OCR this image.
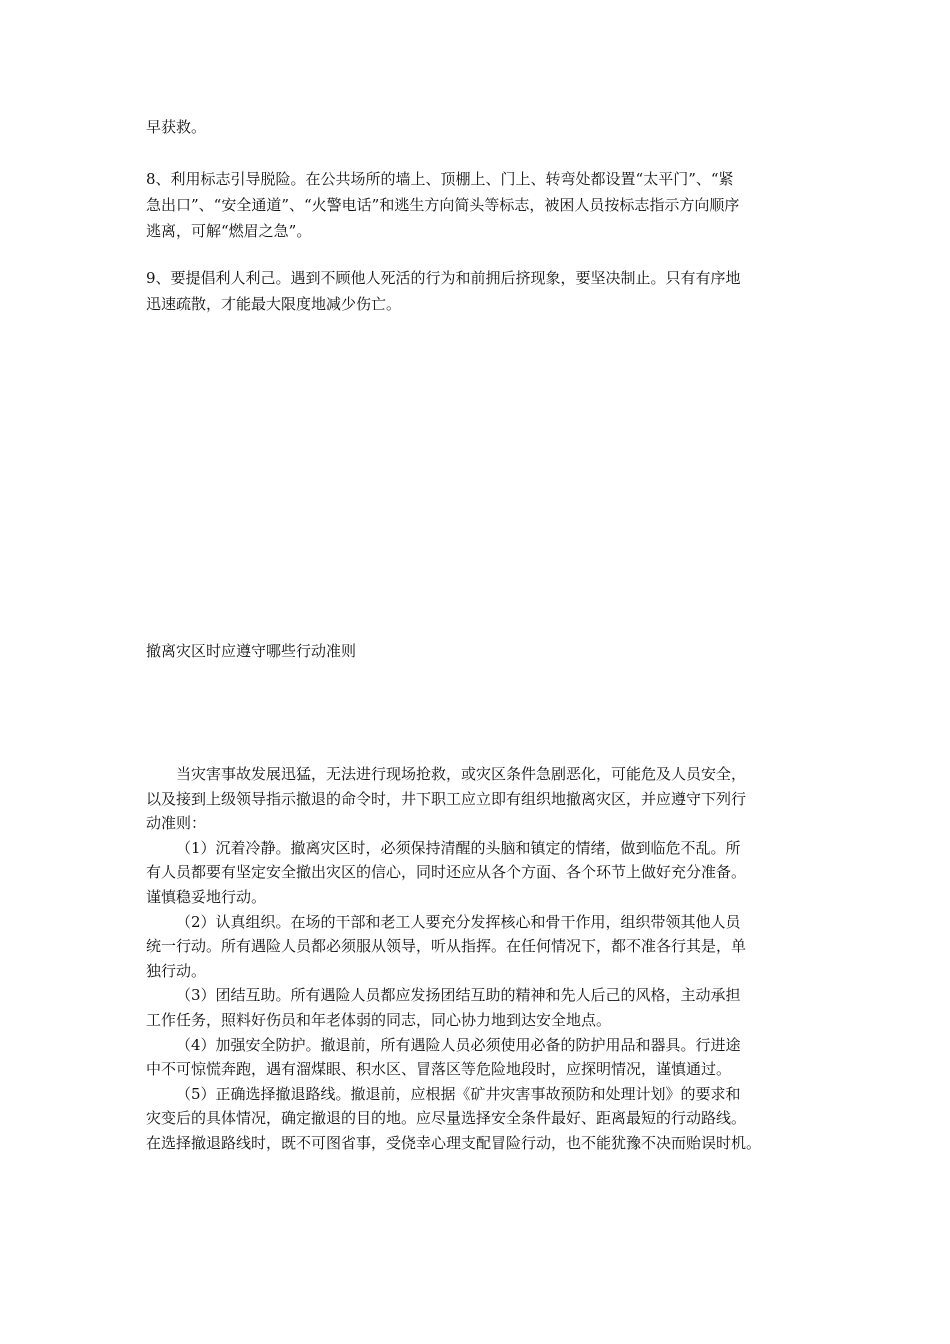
早获救。

8、利用标志引导脱险。在公共场所的墙上、顶棚上、门上、转弯处都设置“太平门”、“紧
急出口”、“安全通道”、“火警电话”和逃生方向简头等标志，被困人员按标志指示方向顺序
逃离，可解“燃眉之急”。

9、要提倡利人利己。遇到不顾他人死活的行为和前拥后挤现象，要坚决制止。只有有序地
迅速疏散，才能最大限度地减少伤亡。

撤离灾区时应遵守哪些行动准则
当灾害事故发展迅猛，无法进行现场抢救，或灾区条件急剧恶化，可能危及人员安全，
以及接到上级领导指示撤退的命令时，井下职工应立即有组织地撤离灾区，并应遵守下列行
动准则：
（1）沉着冷静。撤离灾区时，必须保持清醒的头脑和镇定的情绪，做到临危不乱。所
有人员都要有坚定安全撤出灾区的信心，同时还应从各个方面、各个环节上做好充分准备。
谨慎稳妥地行动。
（2）认真组织。在场的干部和老工人要充分发挥核心和骨干作用，组织带领其他人员
统一行动。所有遇险人员都必须服从领导，听从指挥。在任何情况下，都不准各行其是，单
独行动。
（3）团结互助。所有遇险人员都应发扬团结互助的精神和先人后己的风格，主动承担
工作任务，照料好伤员和年老体弱的同志，同心协力地到达安全地点。
（4）加强安全防护。撤退前，所有遇险人员必须使用必备的防护用品和器具。行进途
中不可惊慌奔跑，遇有溜煤眼、积水区、冒落区等危险地段时，应探明情况，谨慎通过。
（5）正确选择撤退路线。撤退前，应根据《矿井灾害事故预防和处理计划》的要求和
灾变后的具体情况，确定撤退的目的地。应尽量选择安全条件最好、距离最短的行动路线。
在选择撤退路线时，既不可图省事，受侥幸心理支配冒险行动，也不能犹豫不决而贻误时机。
